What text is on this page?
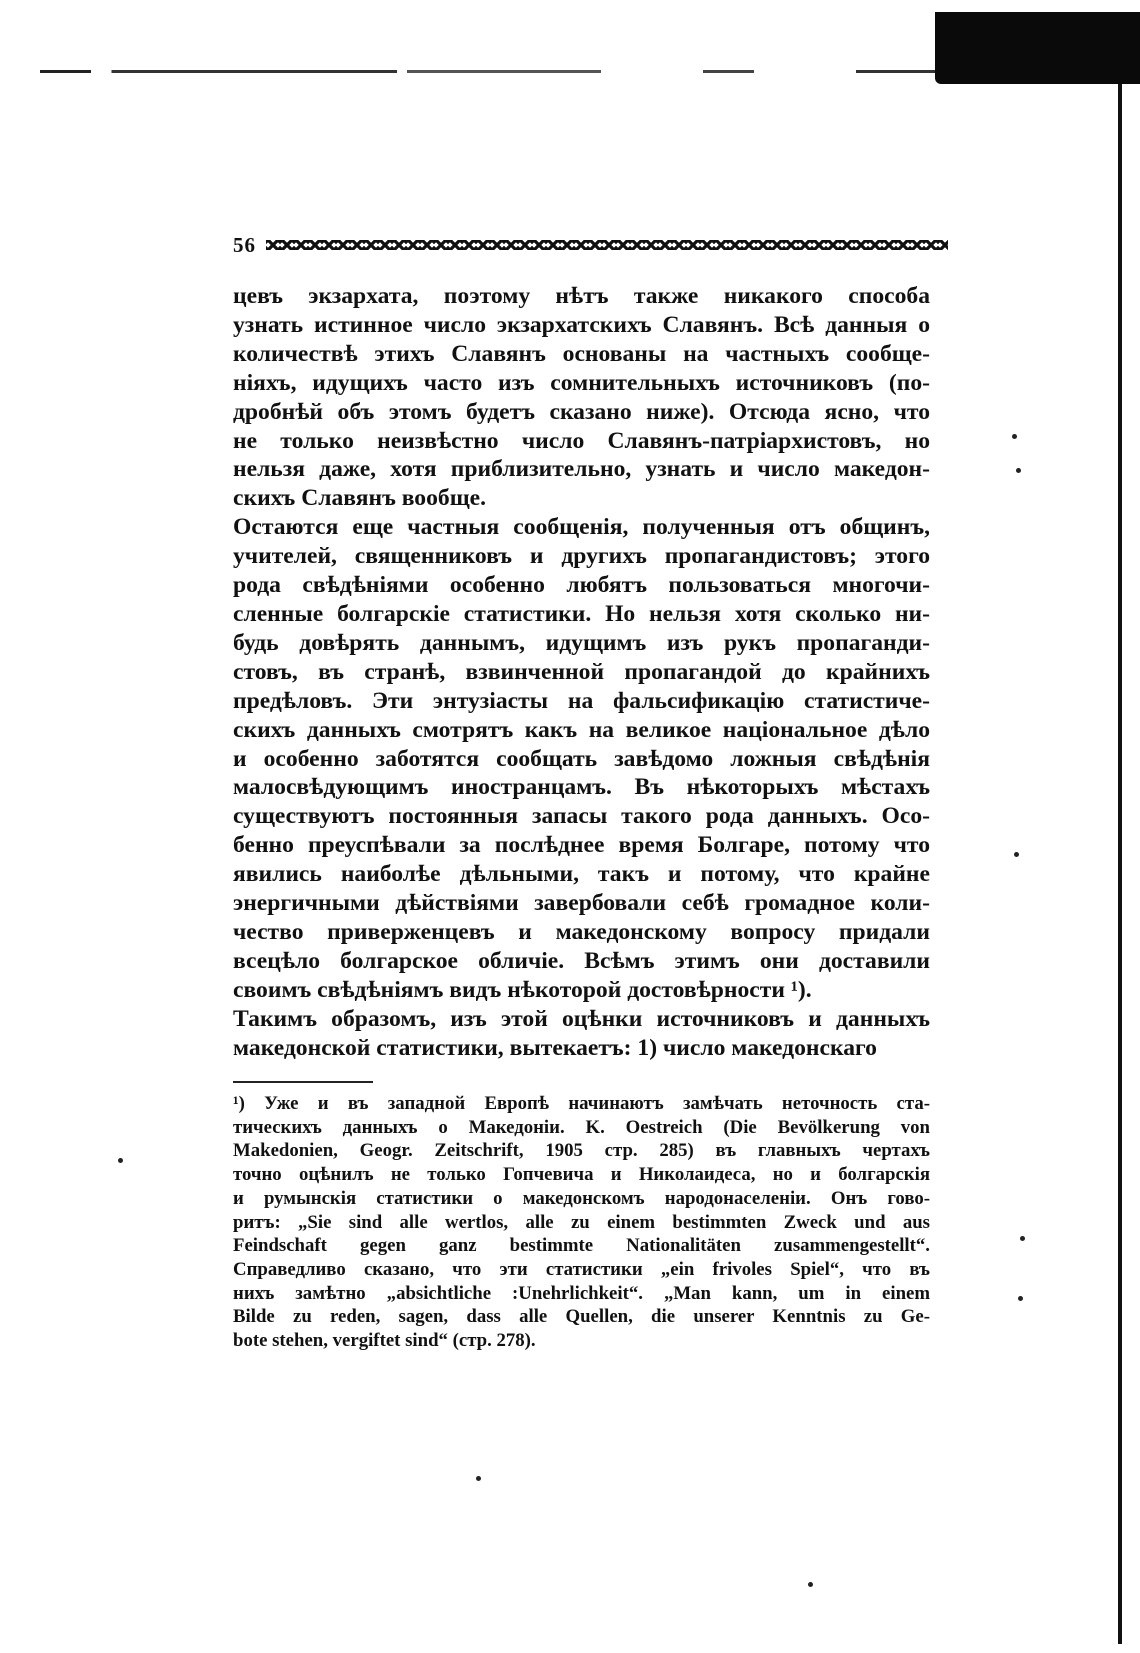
56
цевъ экзархата, поэтому нѣтъ также никакого способа
узнать истинное число экзархатскихъ Славянъ. Всѣ данныя о
количествѣ этихъ Славянъ основаны на частныхъ сообще-
ніяхъ, идущихъ часто изъ сомнительныхъ источниковъ (по-
дробнѣй объ этомъ будетъ сказано ниже). Отсюда ясно, что
не только неизвѣстно число Славянъ-патріархистовъ, но
нельзя даже, хотя приблизительно, узнать и число македон-
скихъ Славянъ вообще.
Остаются еще частныя сообщенія, полученныя отъ общинъ,
учителей, священниковъ и другихъ пропагандистовъ; этого
рода свѣдѣніями особенно любятъ пользоваться многочи-
сленные болгарскіе статистики. Но нельзя хотя сколько ни-
будь довѣрять даннымъ, идущимъ изъ рукъ пропаганди-
стовъ, въ странѣ, взвинченной пропагандой до крайнихъ
предѣловъ. Эти энтузіасты на фальсификацію статистиче-
скихъ данныхъ смотрятъ какъ на великое національное дѣло
и особенно заботятся сообщать завѣдомо ложныя свѣдѣнія
малосвѣдующимъ иностранцамъ. Въ нѣкоторыхъ мѣстахъ
существуютъ постоянныя запасы такого рода данныхъ. Осо-
бенно преуспѣвали за послѣднее время Болгаре, потому что
явились наиболѣе дѣльными, такъ и потому, что крайне
энергичными дѣйствіями завербовали себѣ громадное коли-
чество приверженцевъ и македонскому вопросу придали
всецѣло болгарское обличіе. Всѣмъ этимъ они доставили
своимъ свѣдѣніямъ видъ нѣкоторой достовѣрности ¹).
Такимъ образомъ, изъ этой оцѣнки источниковъ и данныхъ
македонской статистики, вытекаетъ: 1) число македонскаго
¹) Уже и въ западной Европѣ начинаютъ замѣчать неточность ста-
тическихъ данныхъ о Македоніи. K. Oestreich (Die Bevölkerung von
Makedonien, Geogr. Zeitschrift, 1905 стр. 285) въ главныхъ чертахъ
точно оцѣнилъ не только Гопчевича и Николаидеса, но и болгарскія
и румынскія статистики о македонскомъ народонаселеніи. Онъ гово-
ритъ: „Sie sind alle wertlos, alle zu einem bestimmten Zweck und aus
Feindschaft gegen ganz bestimmte Nationalitäten zusammengestellt“.
Справедливо сказано, что эти статистики „ein frivoles Spiel“, что въ
нихъ замѣтно „absichtliche :Unehrlichkeit“. „Man kann, um in einem
Bilde zu reden, sagen, dass alle Quellen, die unserer Kenntnis zu Ge-
bote stehen, vergiftet sind“ (стр. 278).
